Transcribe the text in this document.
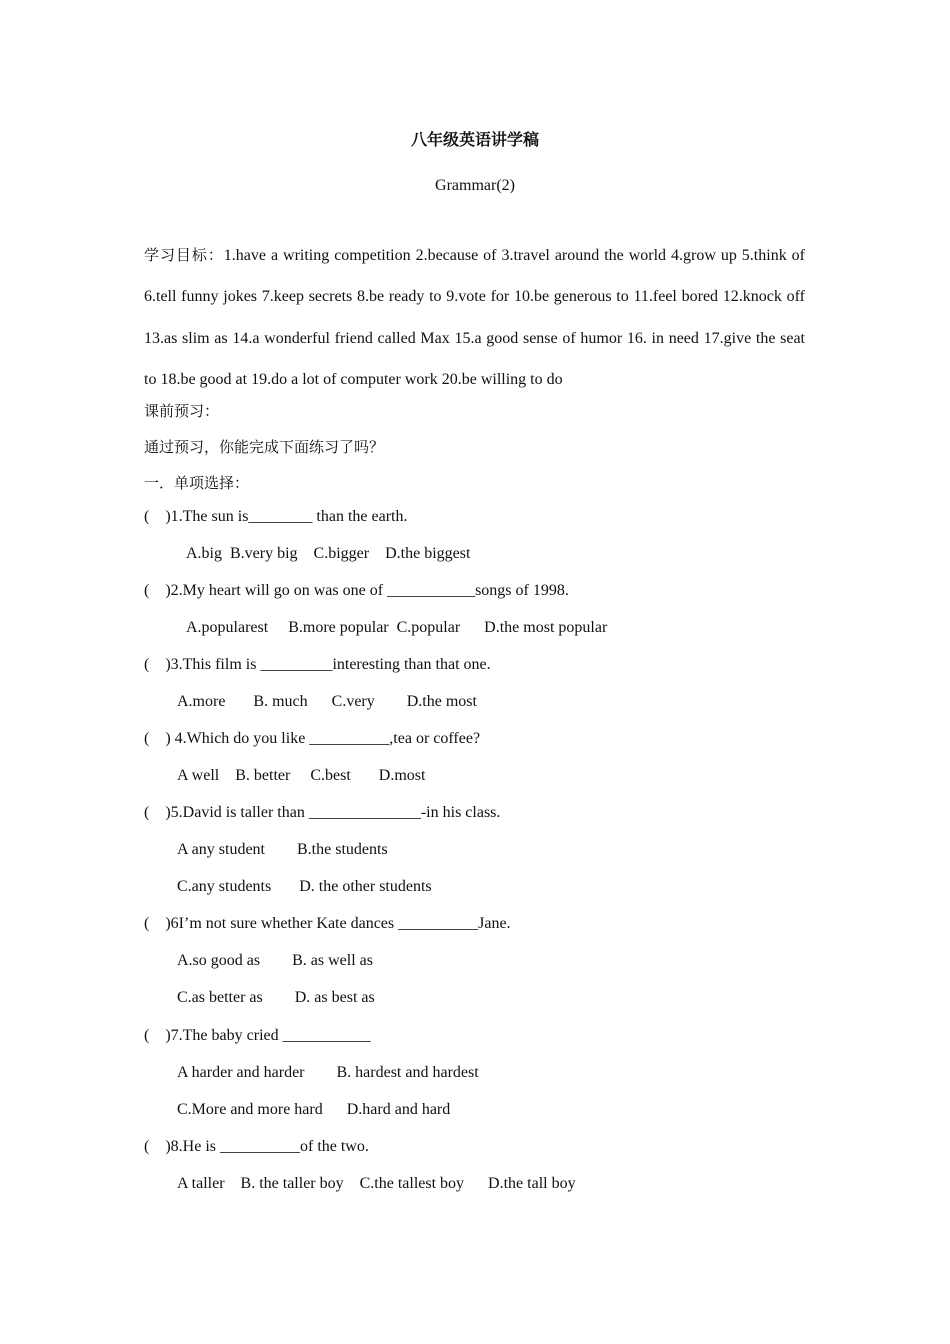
八年级英语讲学稿
Grammar(2)
学习目标：1.have a writing competition 2.because of 3.travel around the world 4.grow up 5.think of 6.tell funny jokes 7.keep secrets 8.be ready to 9.vote for 10.be generous to 11.feel bored 12.knock off 13.as slim as 14.a wonderful friend called Max 15.a good sense of humor 16. in need 17.give the seat to 18.be good at 19.do a lot of computer work 20.be willing to do
课前预习：
通过预习，你能完成下面练习了吗？
一．单项选择：
(    )1.The sun is________ than the earth.
A.big  B.very big    C.bigger    D.the biggest
(    )2.My heart will go on was one of ___________songs of 1998.
A.popularest     B.more popular  C.popular      D.the most popular
(    )3.This film is _________interesting than that one.
A.more       B. much      C.very        D.the most
(    ) 4.Which do you like __________,tea or coffee?
A well    B. better     C.best       D.most
(    )5.David is taller than ______________-in his class.
A any student        B.the students
C.any students       D. the other students
(    )6I’m not sure whether Kate dances __________Jane.
A.so good as        B. as well as
C.as better as        D. as best as
(    )7.The baby cried ___________
A harder and harder        B. hardest and hardest
C.More and more hard      D.hard and hard
(    )8.He is __________of the two.
A taller    B. the taller boy    C.the tallest boy      D.the tall boy
